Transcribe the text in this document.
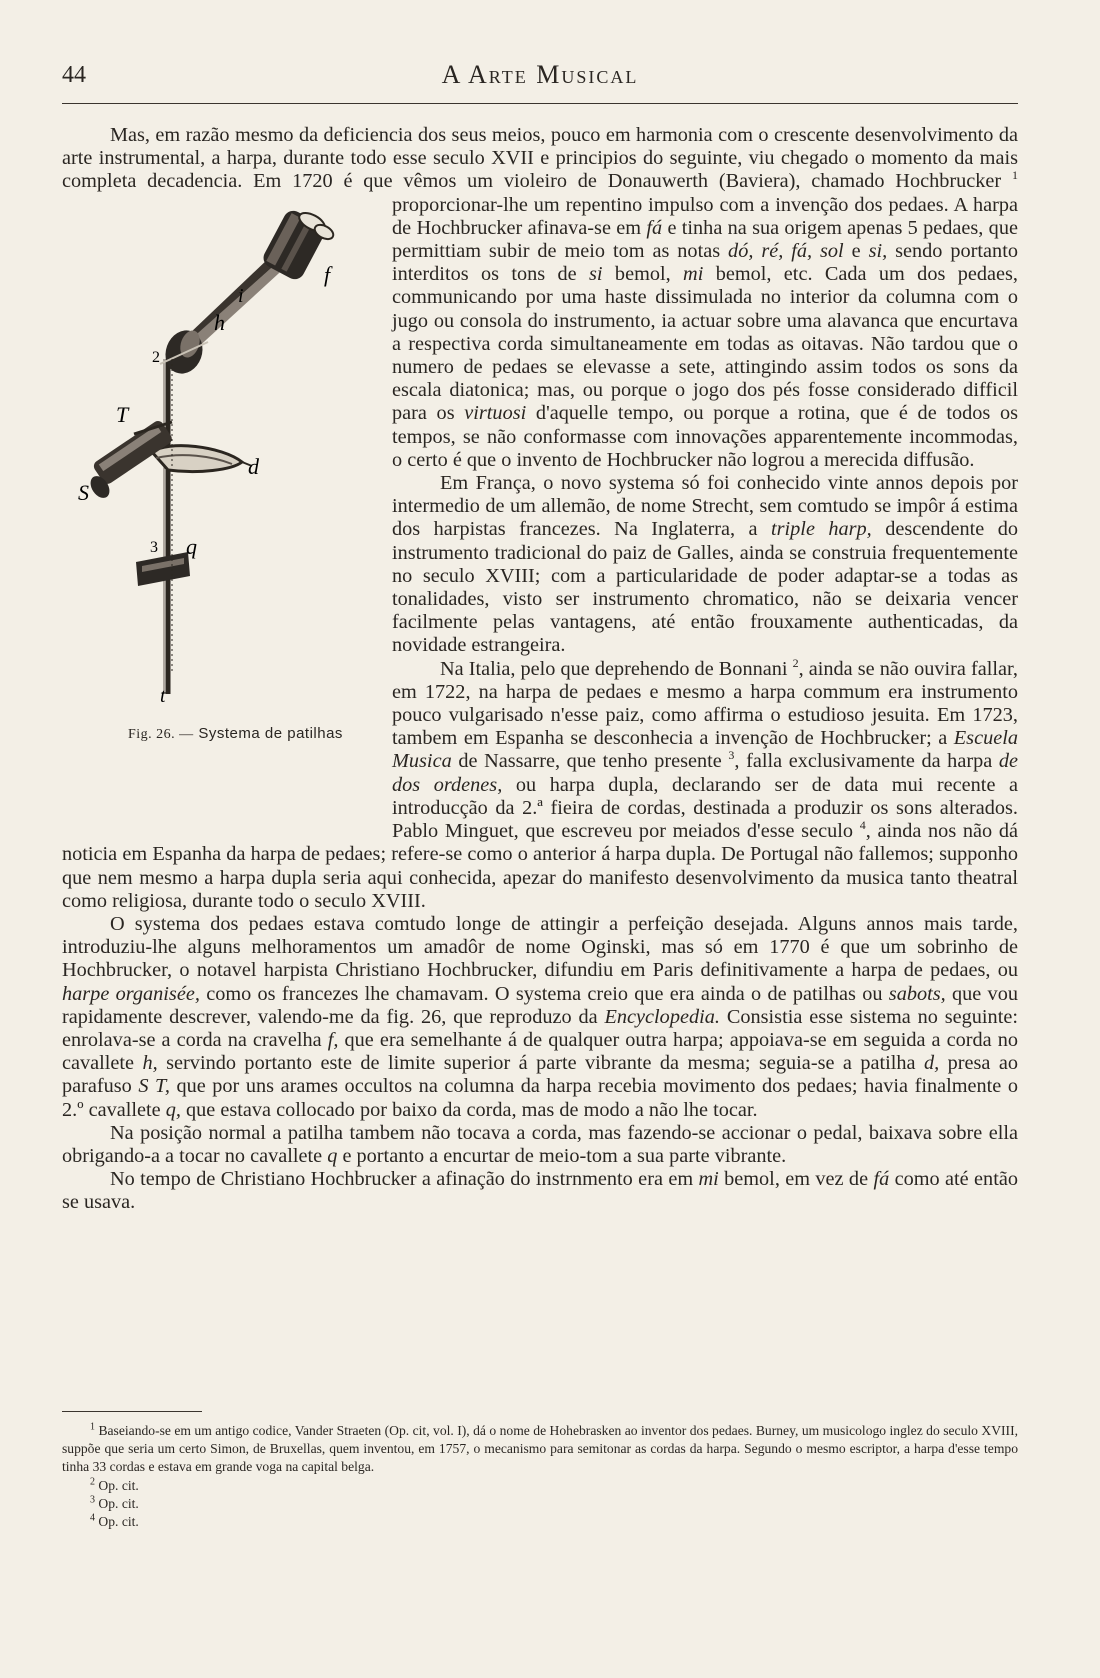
44	A Arte Musical

Mas, em razão mesmo da deficiencia dos seus meios, pouco em harmonia com o crescente desenvolvimento da arte instrumental, a harpa, durante todo esse seculo XVII e principios do seguinte, viu chegado o momento da mais completa decadencia. Em 1720 é que vêmos um violeiro de Donauwerth (Baviera), chamado Hochbrucker $^1$
f
i
h
2
T
d
S
3 q
t
Fig. 26. — Systema de patilhas
proporcionar-lhe um repentino impulso com a invenção dos pedaes. A harpa de Hochbrucker afinava-se em fá e tinha na sua origem apenas 5 pedaes, que permittiam subir de meio tom as notas dó, ré, fá, sol e si, sendo portanto interditos os tons de si bemol, mi bemol, etc. Cada um dos pedaes, communicando por uma haste dissimulada no interior da columna com o jugo ou consola do instrumento, ia actuar sobre uma alavanca que encurtava a respectiva corda simultaneamente em todas as oitavas. Não tardou que o numero de pedaes se elevasse a sete, attingindo assim todos os sons da escala diatonica; mas, ou porque o jogo dos pés fosse considerado difficil para os virtuosi d'aquelle tempo, ou porque a rotina, que é de todos os tempos, se não conformasse com innovações apparentemente incommodas, o certo é que o invento de Hochbrucker não logrou a merecida diffusão.

Em França, o novo systema só foi conhecido vinte annos depois por intermedio de um allemão, de nome Strecht, sem comtudo se impôr á estima dos harpistas francezes. Na Inglaterra, a triple harp, descendente do instrumento tradicional do paiz de Galles, ainda se construia frequentemente no seculo XVIII; com a particularidade de poder adaptar-se a todas as tonalidades, visto ser instrumento chromatico, não se deixaria vencer facilmente pelas vantagens, até então frouxamente authenticadas, da novidade estrangeira.

Na Italia, pelo que deprehendo de Bonnani $^2$, ainda se não ouvira fallar, em 1722, na harpa de pedaes e mesmo a harpa commum era instrumento pouco vulgarisado n'esse paiz, como affirma o estudioso jesuita. Em 1723, tambem em Espanha se desconhecia a invenção de Hochbrucker; a Escuela Musica de Nassarre, que tenho presente $^3$, falla exclusivamente da harpa de dos ordenes, ou harpa dupla, declarando ser de data mui recente a introducção da 2.ª fieira de cordas, destinada a produzir os sons alterados. Pablo Minguet, que escreveu por meiados d'esse seculo $^4$, ainda nos não dá noticia em Espanha da harpa de pedaes; refere-se como o anterior á harpa dupla. De Portugal não fallemos; supponho que nem mesmo a harpa dupla seria aqui conhecida, apezar do manifesto desenvolvimento da musica tanto theatral como religiosa, durante todo o seculo XVIII.

O systema dos pedaes estava comtudo longe de attingir a perfeição desejada. Alguns annos mais tarde, introduziu-lhe alguns melhoramentos um amadôr de nome Oginski, mas só em 1770 é que um sobrinho de Hochbrucker, o notavel harpista Christiano Hochbrucker, difundiu em Paris definitivamente a harpa de pedaes, ou harpe organisée, como os francezes lhe chamavam. O systema creio que era ainda o de patilhas ou sabots, que vou rapidamente descrever, valendo-me da fig. 26, que reproduzo da Encyclopedia. Consistia esse sistema no seguinte: enrolava-se a corda na cravelha f, que era semelhante á de qualquer outra harpa; appoiava-se em seguida a corda no cavallete h, servindo portanto este de limite superior á parte vibrante da mesma; seguia-se a patilha d, presa ao parafuso S T, que por uns arames occultos na columna da harpa recebia movimento dos pedaes; havia finalmente o 2.º cavallete q, que estava collocado por baixo da corda, mas de modo a não lhe tocar.

Na posição normal a patilha tambem não tocava a corda, mas fazendo-se accionar o pedal, baixava sobre ella obrigando-a a tocar no cavallete q e portanto a encurtar de meio-tom a sua parte vibrante.

No tempo de Christiano Hochbrucker a afinação do instrnmento era em mi bemol, em vez de fá como até então se usava.

$^1$ Baseiando-se em um antigo codice, Vander Straeten (Op. cit, vol. I), dá o nome de Hohebrasken ao inventor dos pedaes. Burney, um musicologo inglez do seculo XVIII, suppõe que seria um certo Simon, de Bruxellas, quem inventou, em 1757, o mecanismo para semitonar as cordas da harpa. Segundo o mesmo escriptor, a harpa d'esse tempo tinha 33 cordas e estava em grande voga na capital belga.

$^2$ Op. cit.

$^3$ Op. cit.

$^4$ Op. cit.
